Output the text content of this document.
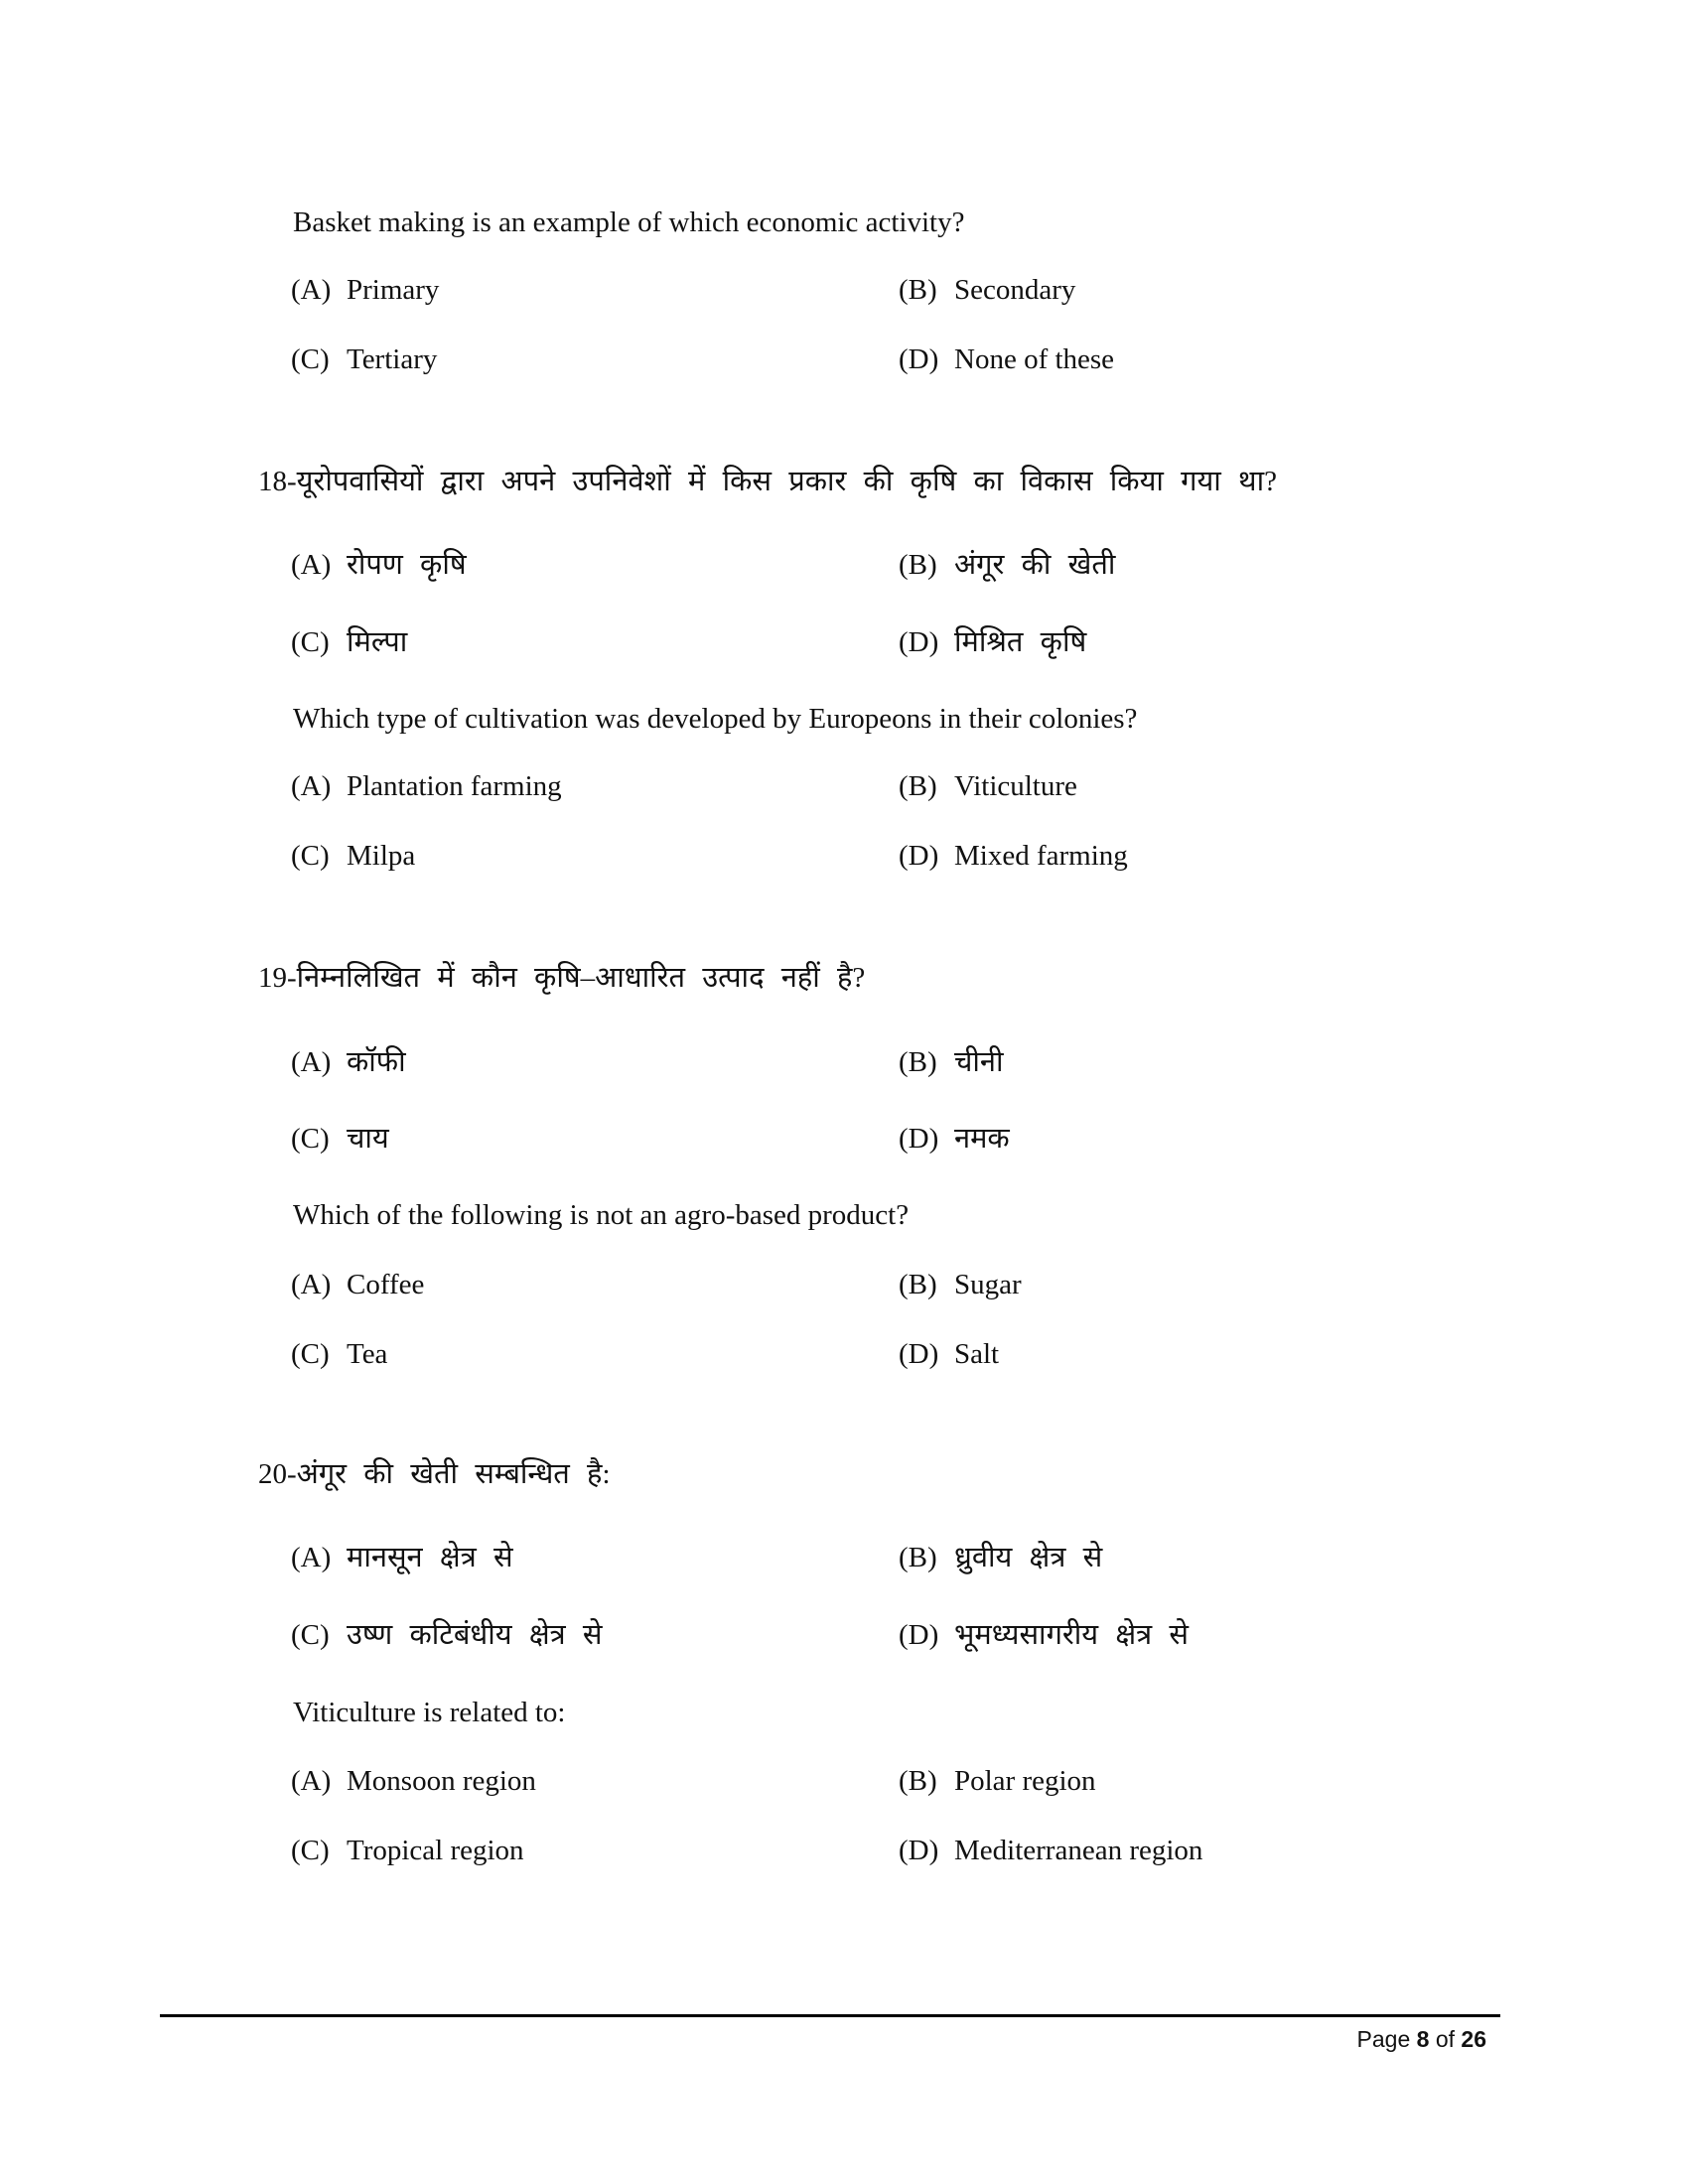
Basket making is an example of which economic activity?
(A) Primary	(B) Secondary
(C) Tertiary	(D) None of these
18-यूरोपवासियों द्वारा अपने उपनिवेशों में किस प्रकार की कृषि का विकास किया गया था?
(A) रोपण कृषि	(B) अंगूर की खेती
(C) मिल्पा	(D) मिश्रित कृषि
Which type of cultivation was developed by Europeons in their colonies?
(A) Plantation farming	(B) Viticulture
(C) Milpa	(D) Mixed farming
19-निम्नलिखित में कौन कृषि–आधारित उत्पाद नहीं है?
(A) कॉफी	(B) चीनी
(C) चाय	(D) नमक
Which of the following is not an agro-based product?
(A) Coffee	(B) Sugar
(C) Tea	(D) Salt
20-अंगूर की खेती सम्बन्धित है:
(A) मानसून क्षेत्र से	(B) ध्रुवीय क्षेत्र से
(C) उष्ण कटिबंधीय क्षेत्र से	(D) भूमध्यसागरीय क्षेत्र से
Viticulture is related to:
(A) Monsoon region	(B) Polar region
(C) Tropical region	(D) Mediterranean region
Page 8 of 26
